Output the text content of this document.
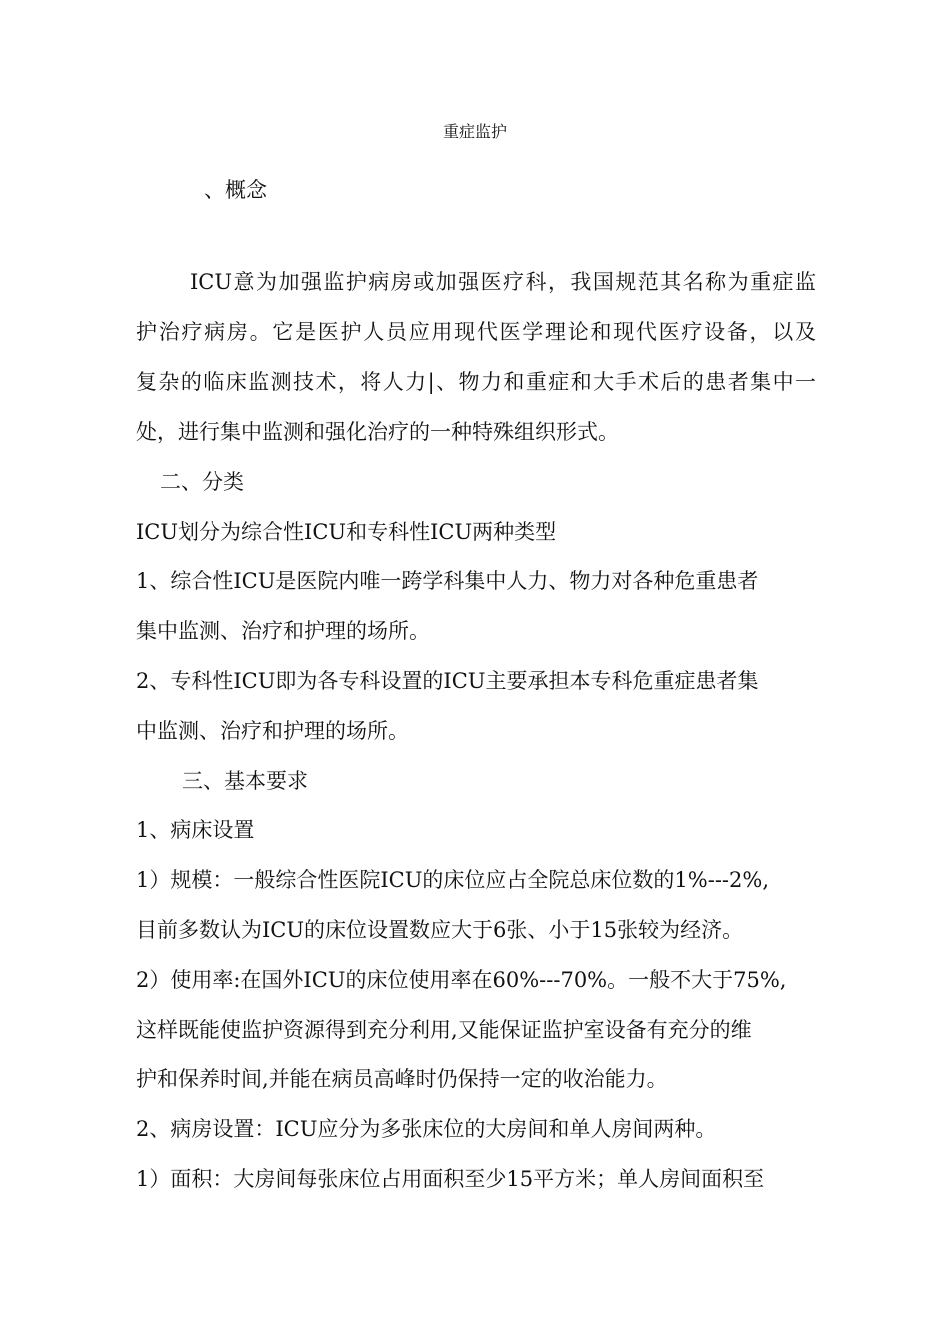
重症监护
、概念
ICU意为加强监护病房或加强医疗科，我国规范其名称为重症监
护治疗病房。它是医护人员应用现代医学理论和现代医疗设备，以及
复杂的临床监测技术，将人力|、物力和重症和大手术后的患者集中一
处，进行集中监测和强化治疗的一种特殊组织形式。
二、分类
ICU划分为综合性ICU和专科性ICU两种类型
1、综合性ICU是医院内唯一跨学科集中人力、物力对各种危重患者
集中监测、治疗和护理的场所。
2、专科性ICU即为各专科设置的ICU主要承担本专科危重症患者集
中监测、治疗和护理的场所。
三、基本要求
1、病床设置
1）规模：一般综合性医院ICU的床位应占全院总床位数的1%---2%,
目前多数认为ICU的床位设置数应大于6张、小于15张较为经济。
2）使用率:在国外ICU的床位使用率在60%---70%。一般不大于75%,
这样既能使监护资源得到充分利用,又能保证监护室设备有充分的维
护和保养时间,并能在病员高峰时仍保持一定的收治能力。
2、病房设置：ICU应分为多张床位的大房间和单人房间两种。
1）面积：大房间每张床位占用面积至少15平方米；单人房间面积至
